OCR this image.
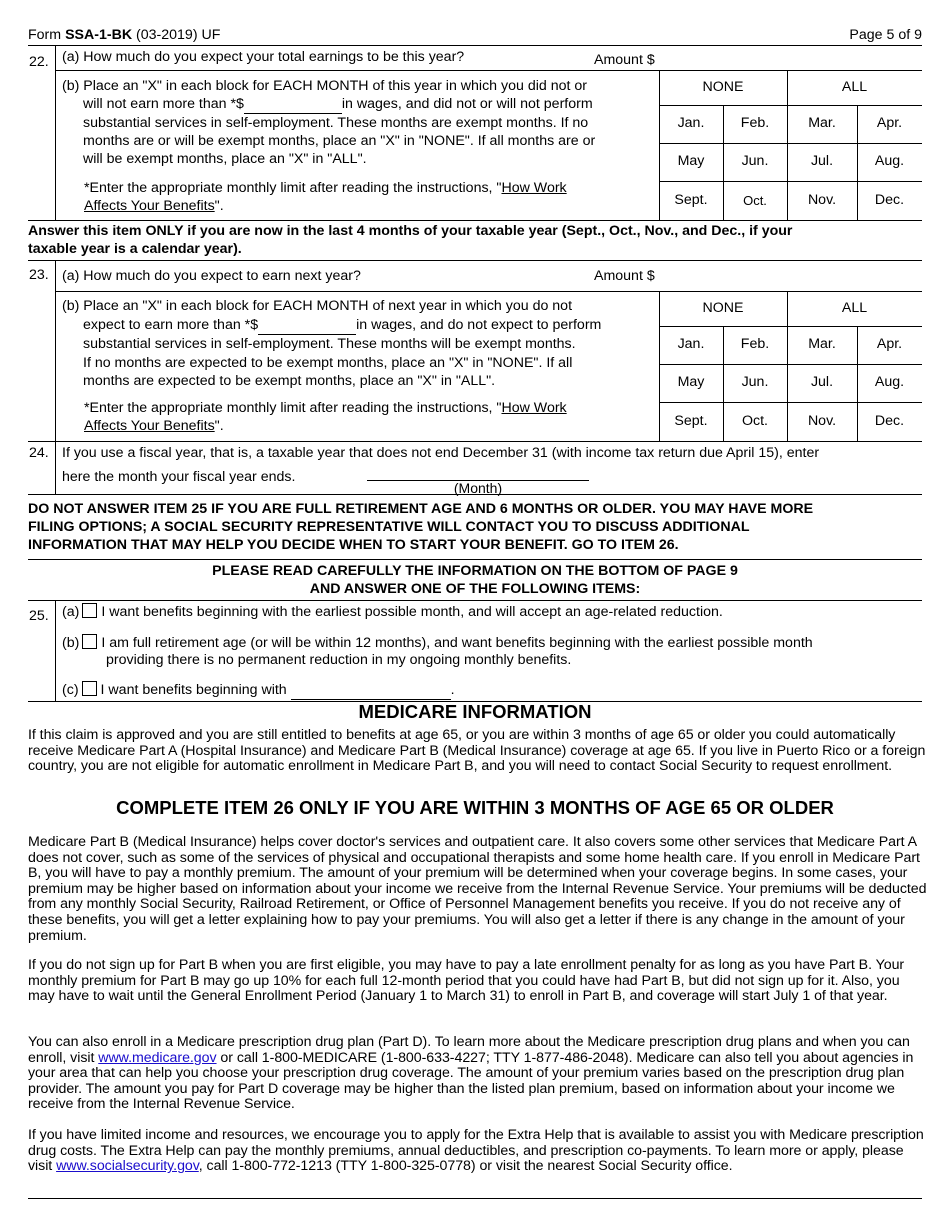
Form SSA-1-BK (03-2019) UF	Page 5 of 9
22. (a) How much do you expect your total earnings to be this year?	Amount $
(b) Place an "X" in each block for EACH MONTH of this year in which you did not or
will not earn more than *$	in wages, and did not or will not perform
substantial services in self-employment. These months are exempt months. If no
months are or will be exempt months, place an "X" in "NONE". If all months are or
will be exempt months, place an "X" in "ALL".
*Enter the appropriate monthly limit after reading the instructions, "How Work
Affects Your Benefits".
NONE	ALL
Jan.	Feb.	Mar.	Apr.
May	Jun.	Jul.	Aug.
Sept.	Oct.	Nov.	Dec.
Answer this item ONLY if you are now in the last 4 months of your taxable year (Sept., Oct., Nov., and Dec., if your
taxable year is a calendar year).
23. (a) How much do you expect to earn next year?	Amount $
(b) Place an "X" in each block for EACH MONTH of next year in which you do not
expect to earn more than *$	in wages, and do not expect to perform
substantial services in self-employment. These months will be exempt months.
If no months are expected to be exempt months, place an "X" in "NONE". If all
months are expected to be exempt months, place an "X" in "ALL".
*Enter the appropriate monthly limit after reading the instructions, "How Work
Affects Your Benefits".
NONE	ALL
Jan.	Feb.	Mar.	Apr.
May	Jun.	Jul.	Aug.
Sept.	Oct.	Nov.	Dec.
24. If you use a fiscal year, that is, a taxable year that does not end December 31 (with income tax return due April 15), enter
here the month your fiscal year ends.
(Month)
DO NOT ANSWER ITEM 25 IF YOU ARE FULL RETIREMENT AGE AND 6 MONTHS OR OLDER. YOU MAY HAVE MORE
FILING OPTIONS; A SOCIAL SECURITY REPRESENTATIVE WILL CONTACT YOU TO DISCUSS ADDITIONAL
INFORMATION THAT MAY HELP YOU DECIDE WHEN TO START YOUR BENEFIT. GO TO ITEM 26.
PLEASE READ CAREFULLY THE INFORMATION ON THE BOTTOM OF PAGE 9
AND ANSWER ONE OF THE FOLLOWING ITEMS:
25. (a) I want benefits beginning with the earliest possible month, and will accept an age-related reduction.
(b) I am full retirement age (or will be within 12 months), and want benefits beginning with the earliest possible month
providing there is no permanent reduction in my ongoing monthly benefits.
(c) I want benefits beginning with	.
MEDICARE INFORMATION
If this claim is approved and you are still entitled to benefits at age 65, or you are within 3 months of age 65 or older you could automatically receive Medicare Part A (Hospital Insurance) and Medicare Part B (Medical Insurance) coverage at age 65. If you live in Puerto Rico or a foreign country, you are not eligible for automatic enrollment in Medicare Part B, and you will need to contact Social Security to request enrollment.
COMPLETE ITEM 26 ONLY IF YOU ARE WITHIN 3 MONTHS OF AGE 65 OR OLDER
Medicare Part B (Medical Insurance) helps cover doctor's services and outpatient care. It also covers some other services that Medicare Part A does not cover, such as some of the services of physical and occupational therapists and some home health care. If you enroll in Medicare Part B, you will have to pay a monthly premium. The amount of your premium will be determined when your coverage begins. In some cases, your premium may be higher based on information about your income we receive from the Internal Revenue Service. Your premiums will be deducted from any monthly Social Security, Railroad Retirement, or Office of Personnel Management benefits you receive. If you do not receive any of these benefits, you will get a letter explaining how to pay your premiums. You will also get a letter if there is any change in the amount of your premium.
If you do not sign up for Part B when you are first eligible, you may have to pay a late enrollment penalty for as long as you have Part B. Your monthly premium for Part B may go up 10% for each full 12-month period that you could have had Part B, but did not sign up for it. Also, you may have to wait until the General Enrollment Period (January 1 to March 31) to enroll in Part B, and coverage will start July 1 of that year.
You can also enroll in a Medicare prescription drug plan (Part D). To learn more about the Medicare prescription drug plans and when you can enroll, visit www.medicare.gov or call 1-800-MEDICARE (1-800-633-4227; TTY 1-877-486-2048). Medicare can also tell you about agencies in your area that can help you choose your prescription drug coverage. The amount of your premium varies based on the prescription drug plan provider. The amount you pay for Part D coverage may be higher than the listed plan premium, based on information about your income we receive from the Internal Revenue Service.
If you have limited income and resources, we encourage you to apply for the Extra Help that is available to assist you with Medicare prescription drug costs. The Extra Help can pay the monthly premiums, annual deductibles, and prescription co-payments. To learn more or apply, please visit www.socialsecurity.gov, call 1-800-772-1213 (TTY 1-800-325-0778) or visit the nearest Social Security office.
